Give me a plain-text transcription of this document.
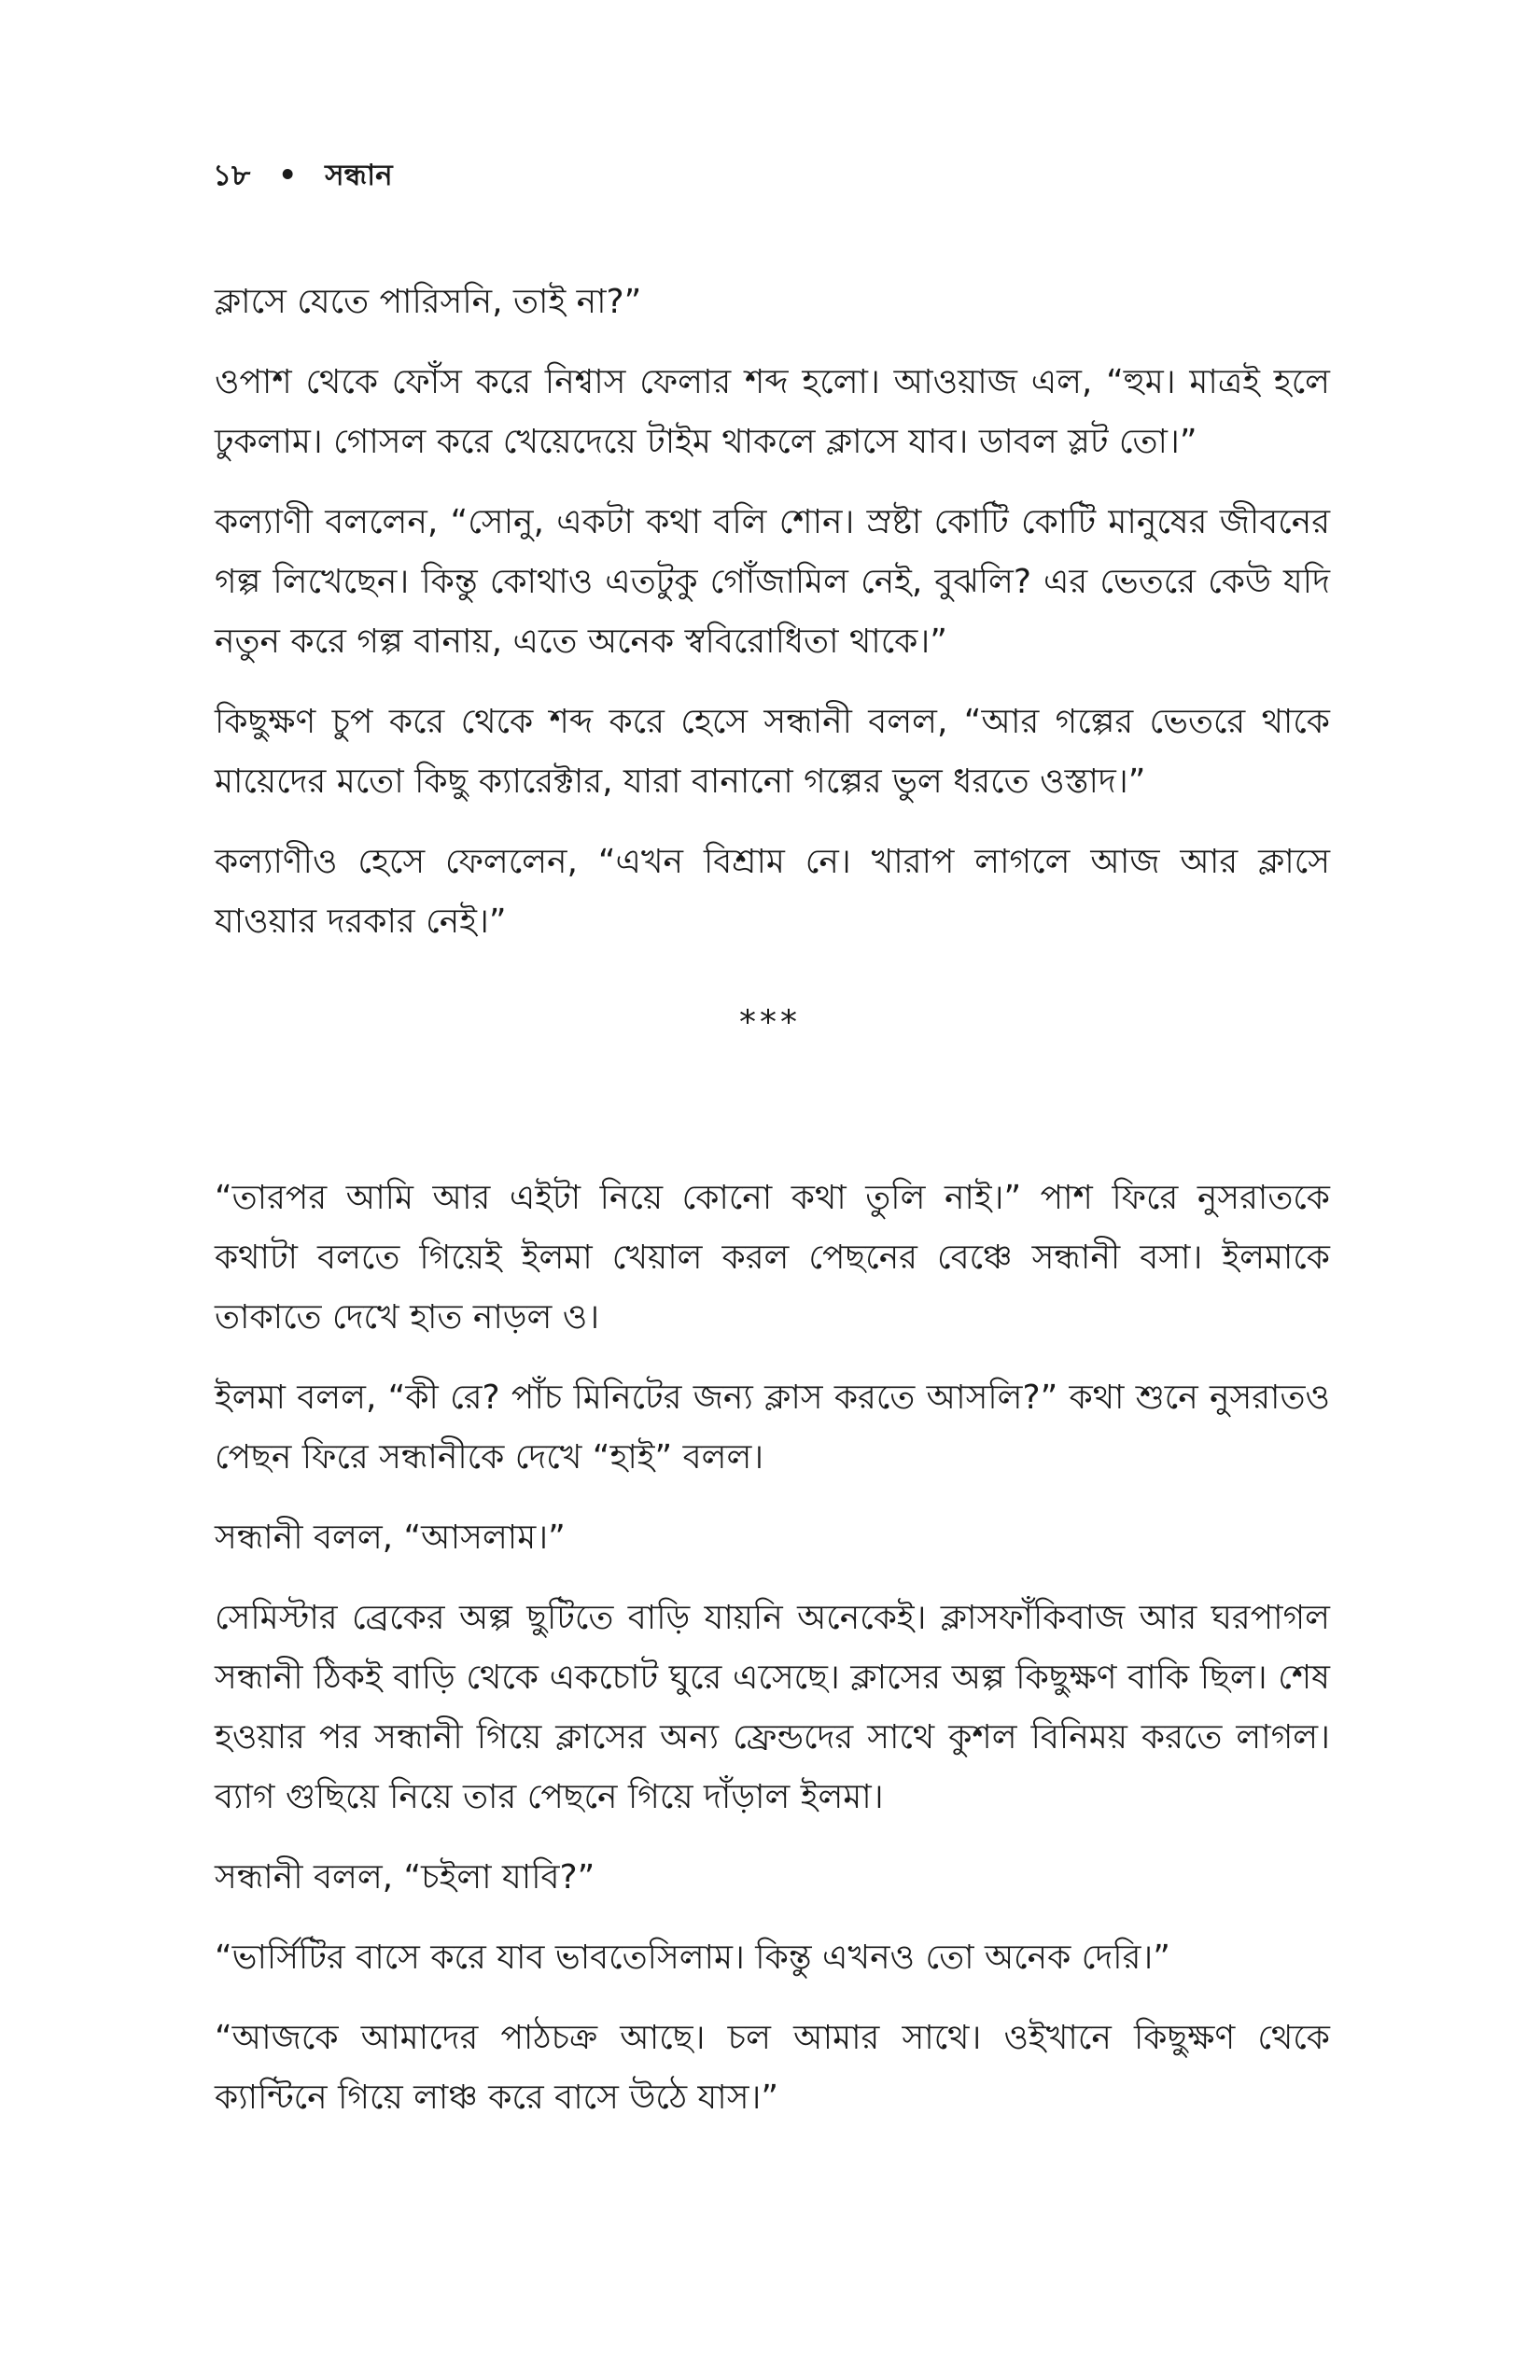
১৮ • সন্ধান

ক্লাসে যেতে পারিসনি, তাই না?”

ওপাশ থেকে ফোঁস করে নিশ্বাস ফেলার শব্দ হলো। আওয়াজ এল, “হুম। মাত্রই হলে ঢুকলাম। গোসল করে খেয়েদেয়ে টাইম থাকলে ক্লাসে যাব। ডাবল স্লট তো।”

কল্যাণী বললেন, “সোনু, একটা কথা বলি শোন। স্রষ্টা কোটি কোটি মানুষের জীবনের গল্প লিখেছেন। কিন্তু কোথাও এতটুকু গোঁজামিল নেই, বুঝলি? এর ভেতরে কেউ যদি নতুন করে গল্প বানায়, এতে অনেক স্ববিরোধিতা থাকে।”

কিছুক্ষণ চুপ করে থেকে শব্দ করে হেসে সন্ধানী বলল, “আর গল্পের ভেতরে থাকে মায়েদের মতো কিছু ক্যারেক্টার, যারা বানানো গল্পের ভুল ধরতে ওস্তাদ।”

কল্যাণীও হেসে ফেললেন, “এখন বিশ্রাম নে। খারাপ লাগলে আজ আর ক্লাসে যাওয়ার দরকার নেই।”

***

“তারপর আমি আর এইটা নিয়ে কোনো কথা তুলি নাই।” পাশ ফিরে নুসরাতকে কথাটা বলতে গিয়েই ইলমা খেয়াল করল পেছনের বেঞ্চে সন্ধানী বসা। ইলমাকে তাকাতে দেখে হাত নাড়ল ও।

ইলমা বলল, “কী রে? পাঁচ মিনিটের জন্য ক্লাস করতে আসলি?” কথা শুনে নুসরাতও পেছন ফিরে সন্ধানীকে দেখে “হাই” বলল।

সন্ধানী বলল, “আসলাম।”

সেমিস্টার ব্রেকের অল্প ছুটিতে বাড়ি যায়নি অনেকেই। ক্লাসফাঁকিবাজ আর ঘরপাগল সন্ধানী ঠিকই বাড়ি থেকে একচোট ঘুরে এসেছে। ক্লাসের অল্প কিছুক্ষণ বাকি ছিল। শেষ হওয়ার পর সন্ধানী গিয়ে ক্লাসের অন্য ফ্রেন্ডদের সাথে কুশল বিনিময় করতে লাগল। ব্যাগ গুছিয়ে নিয়ে তার পেছনে গিয়ে দাঁড়াল ইলমা।

সন্ধানী বলল, “চইলা যাবি?”

“ভার্সিটির বাসে করে যাব ভাবতেসিলাম। কিন্তু এখনও তো অনেক দেরি।”

“আজকে আমাদের পাঠচক্র আছে। চল আমার সাথে। ওইখানে কিছুক্ষণ থেকে ক্যান্টিনে গিয়ে লাঞ্চ করে বাসে উঠে যাস।”
